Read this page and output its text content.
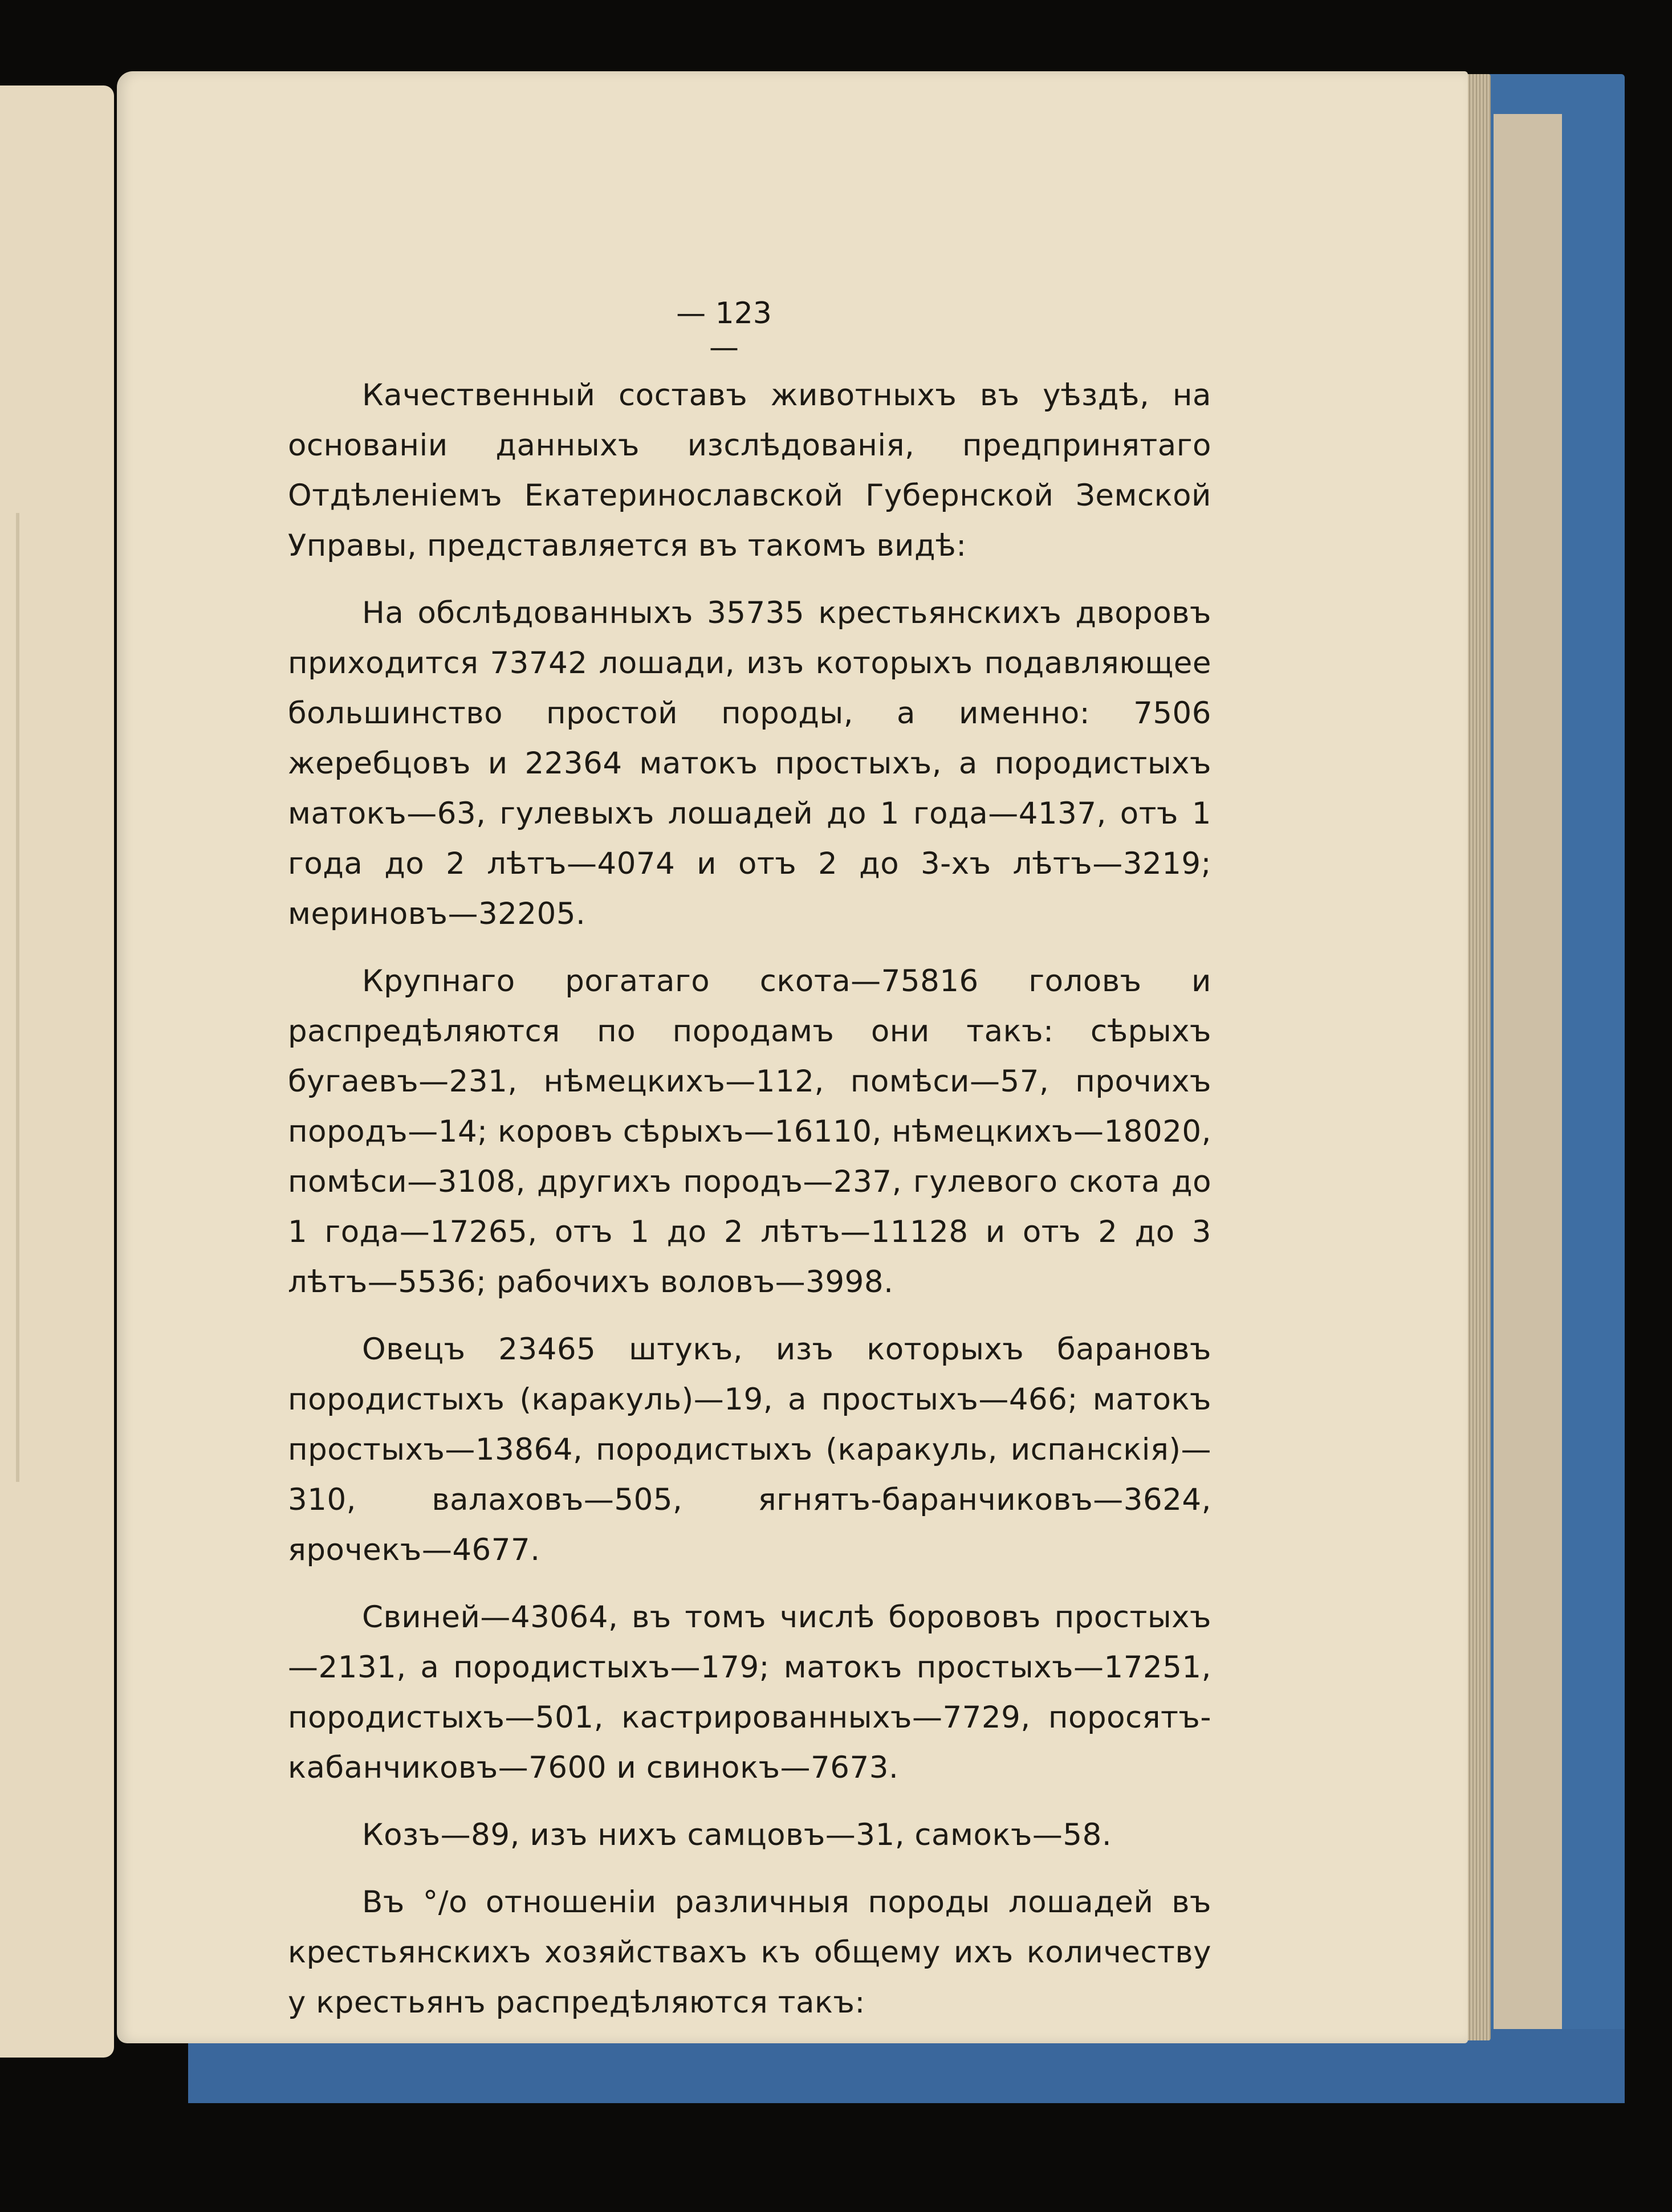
— 123 —

Качественный составъ животныхъ въ уѣздѣ, на основанiи данныхъ изслѣдованiя, предпринятаго Отдѣленiемъ Екатеринославской Губернской Земской Управы, представляется въ такомъ видѣ:

На обслѣдованныхъ 35735 крестьянскихъ дворовъ приходится 73742 лошади, изъ которыхъ подавляющее большинство простой породы, а именно: 7506 жеребцовъ и 22364 матокъ простыхъ, а породистыхъ матокъ—63, гулевыхъ лошадей до 1 года—4137, отъ 1 года до 2 лѣтъ—4074 и отъ 2 до 3-хъ лѣтъ—3219; мериновъ—32205.

Крупнаго рогатаго скота—75816 головъ и распредѣляются по породамъ они такъ: сѣрыхъ бугаевъ—231, нѣмецкихъ—112, помѣси—57, прочихъ породъ—14; коровъ сѣрыхъ—16110, нѣмецкихъ—18020, помѣси—3108, другихъ породъ—237, гулевого скота до 1 года—17265, отъ 1 до 2 лѣтъ—11128 и отъ 2 до 3 лѣтъ—5536; рабочихъ воловъ—3998.

Овецъ 23465 штукъ, изъ которыхъ барановъ породистыхъ (каракуль)—19, а простыхъ—466; матокъ простыхъ—13864, породистыхъ (каракуль, испанскiя)—310, валаховъ—505, ягнятъ-баранчиковъ—3624, ярочекъ—4677.

Свиней—43064, въ томъ числѣ борововъ простыхъ—2131, а породистыхъ—179; матокъ простыхъ—17251, породистыхъ—501, кастрированныхъ—7729, поросятъ-кабанчиковъ—7600 и свинокъ—7673.

Козъ—89, изъ нихъ самцовъ—31, самокъ—58.

Въ °/о отношенiи различныя породы лошадей въ крестьянскихъ хозяйствахъ къ общему ихъ количеству у крестьянъ распредѣляются такъ:
